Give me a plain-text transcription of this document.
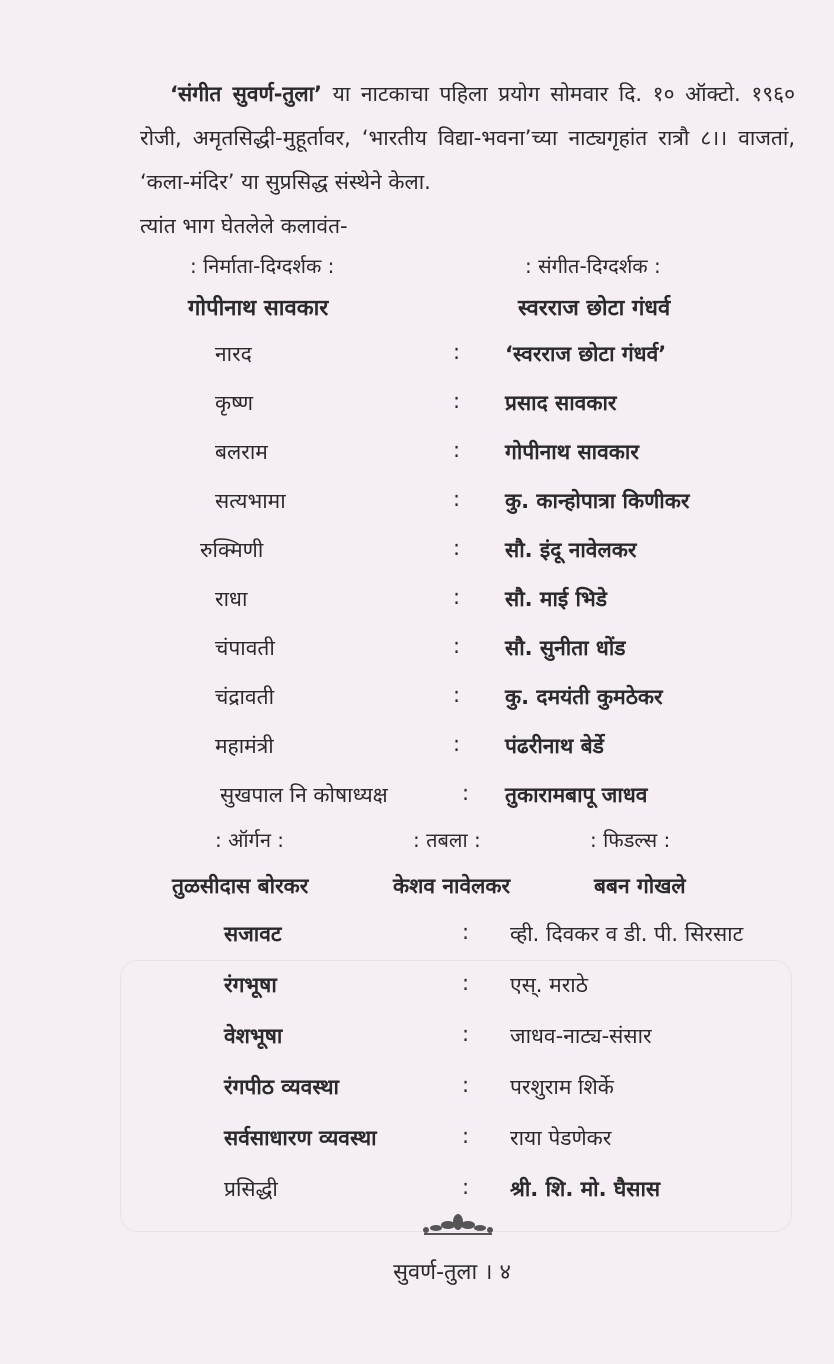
‘संगीत सुवर्ण-तुला’ या नाटकाचा पहिला प्रयोग सोमवार दि. १० ऑक्टो. १९६० रोजी, अमृतसिद्धी-मुहूर्तावर, ‘भारतीय विद्या-भवना’च्या नाट्यगृहांत रात्रौ ८।। वाजतां, ‘कला-मंदिर’ या सुप्रसिद्ध संस्थेने केला.

त्यांत भाग घेतलेले कलावंत-

: निर्माता-दिग्दर्शक :
गोपीनाथ सावकार
: संगीत-दिग्दर्शक :
स्वरराज छोटा गंधर्व
नारद	: ‘स्वरराज छोटा गंधर्व’
कृष्ण	: प्रसाद सावकार
बलराम	: गोपीनाथ सावकार
सत्यभामा	: कु. कान्होपात्रा किणीकर
रुक्मिणी	: सौ. इंदू नावेलकर
राधा	: सौ. माई भिडे
चंपावती	: सौ. सुनीता धोंड
चंद्रावती	: कु. दमयंती कुमठेकर
महामंत्री	: पंढरीनाथ बेर्डे
सुखपाल नि कोषाध्यक्ष	: तुकारामबापू जाधव
: ऑर्गन :	: तबला :	: फिडल्स :
तुळसीदास बोरकर	केशव नावेलकर	बबन गोखले
सजावट	: व्ही. दिवकर व डी. पी. सिरसाट
रंगभूषा	: एस्. मराठे
वेशभूषा	: जाधव-नाट्य-संसार
रंगपीठ व्यवस्था	: परशुराम शिर्के
सर्वसाधारण व्यवस्था	: राया पेडणेकर
प्रसिद्धी	: श्री. शि. मो. घैसास
सुवर्ण-तुला । ४
